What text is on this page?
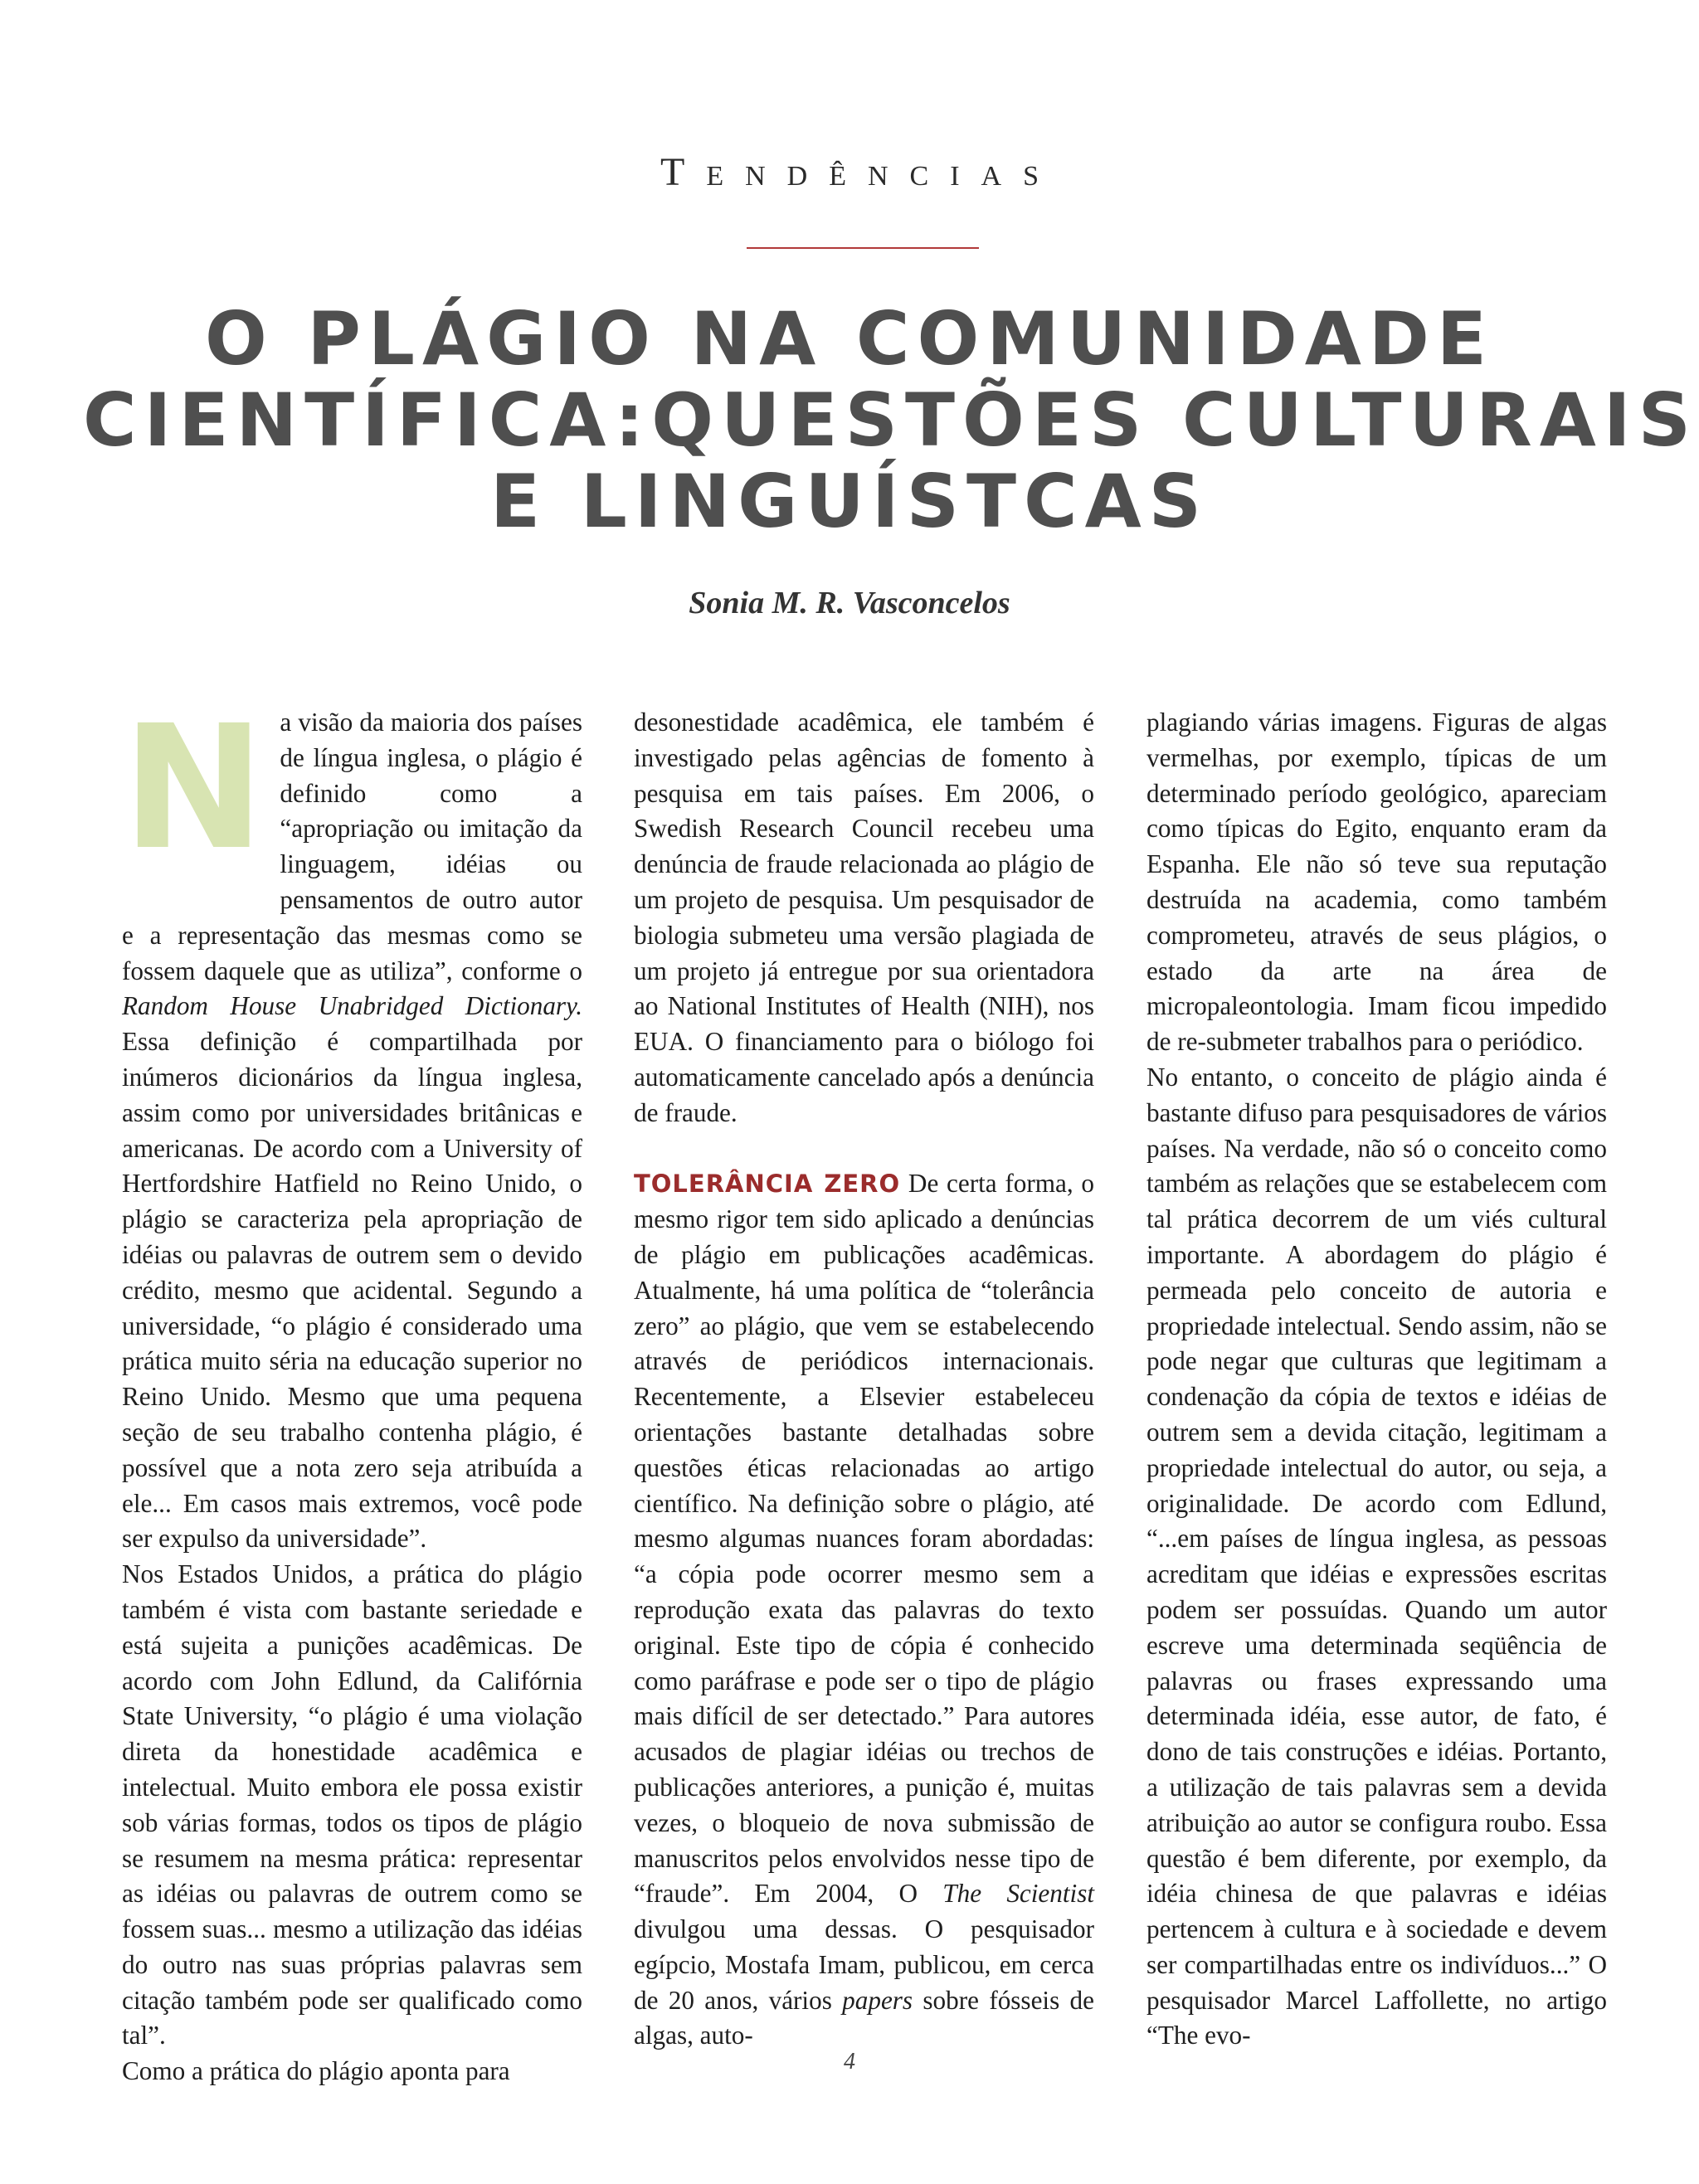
Tendências
O PLÁGIO NA COMUNIDADE
CIENTÍFICA:QUESTÕES CULTURAIS
E LINGUÍSTCAS
Sonia M. R. Vasconcelos
N a visão da maioria dos países de língua inglesa, o plágio é definido como a “apropriação ou imitação da linguagem, idéias ou pensamentos de outro autor e a representação das mesmas como se fossem daquele que as utiliza”, conforme o Random House Unabridged Dictionary. Essa definição é compartilhada por inúmeros dicionários da língua inglesa, assim como por universidades britânicas e americanas. De acordo com a University of Hertfordshire Hatfield no Reino Unido, o plágio se caracteriza pela apropriação de idéias ou palavras de outrem sem o devido crédito, mesmo que acidental. Segundo a universidade, “o plágio é considerado uma prática muito séria na educação superior no Reino Unido. Mesmo que uma pequena seção de seu trabalho contenha plágio, é possível que a nota zero seja atribuída a ele... Em casos mais extremos, você pode ser expulso da universidade”.

Nos Estados Unidos, a prática do plágio também é vista com bastante seriedade e está sujeita a punições acadêmicas. De acordo com John Edlund, da Califórnia State University, “o plágio é uma violação direta da honestidade acadêmica e intelectual. Muito embora ele possa existir sob várias formas, todos os tipos de plágio se resumem na mesma prática: representar as idéias ou palavras de outrem como se fossem suas... mesmo a utilização das idéias do outro nas suas próprias palavras sem citação também pode ser qualificado como tal”.

Como a prática do plágio aponta para

desonestidade acadêmica, ele também é investigado pelas agências de fomento à pesquisa em tais países. Em 2006, o Swedish Research Council recebeu uma denúncia de fraude relacionada ao plágio de um projeto de pesquisa. Um pesquisador de biologia submeteu uma versão plagiada de um projeto já entregue por sua orientadora ao National Institutes of Health (NIH), nos EUA. O financiamento para o biólogo foi automaticamente cancelado após a denúncia de fraude.

TOLERÂNCIA ZERO De certa forma, o mesmo rigor tem sido aplicado a denúncias de plágio em publicações acadêmicas. Atualmente, há uma política de “tolerância zero” ao plágio, que vem se estabelecendo através de periódicos internacionais. Recentemente, a Elsevier estabeleceu orientações bastante detalhadas sobre questões éticas relacionadas ao artigo científico. Na definição sobre o plágio, até mesmo algumas nuances foram abordadas: “a cópia pode ocorrer mesmo sem a reprodução exata das palavras do texto original. Este tipo de cópia é conhecido como paráfrase e pode ser o tipo de plágio mais difícil de ser detectado.” Para autores acusados de plagiar idéias ou trechos de publicações anteriores, a punição é, muitas vezes, o bloqueio de nova submissão de manuscritos pelos envolvidos nesse tipo de “fraude”. Em 2004, O The Scientist divulgou uma dessas. O pesquisador egípcio, Mostafa Imam, publicou, em cerca de 20 anos, vários papers sobre fósseis de algas, auto-

plagiando várias imagens. Figuras de algas vermelhas, por exemplo, típicas de um determinado período geológico, apareciam como típicas do Egito, enquanto eram da Espanha. Ele não só teve sua reputação destruída na academia, como também comprometeu, através de seus plágios, o estado da arte na área de micropaleontologia. Imam ficou impedido de re-submeter trabalhos para o periódico.

No entanto, o conceito de plágio ainda é bastante difuso para pesquisadores de vários países. Na verdade, não só o conceito como também as relações que se estabelecem com tal prática decorrem de um viés cultural importante. A abordagem do plágio é permeada pelo conceito de autoria e propriedade intelectual. Sendo assim, não se pode negar que culturas que legitimam a condenação da cópia de textos e idéias de outrem sem a devida citação, legitimam a propriedade intelectual do autor, ou seja, a originalidade. De acordo com Edlund, “...em países de língua inglesa, as pessoas acreditam que idéias e expressões escritas podem ser possuídas. Quando um autor escreve uma determinada seqüência de palavras ou frases expressando uma determinada idéia, esse autor, de fato, é dono de tais construções e idéias. Portanto, a utilização de tais palavras sem a devida atribuição ao autor se configura roubo. Essa questão é bem diferente, por exemplo, da idéia chinesa de que palavras e idéias pertencem à cultura e à sociedade e devem ser compartilhadas entre os indivíduos...” O pesquisador Marcel Laffollette, no artigo “The evo-

4
